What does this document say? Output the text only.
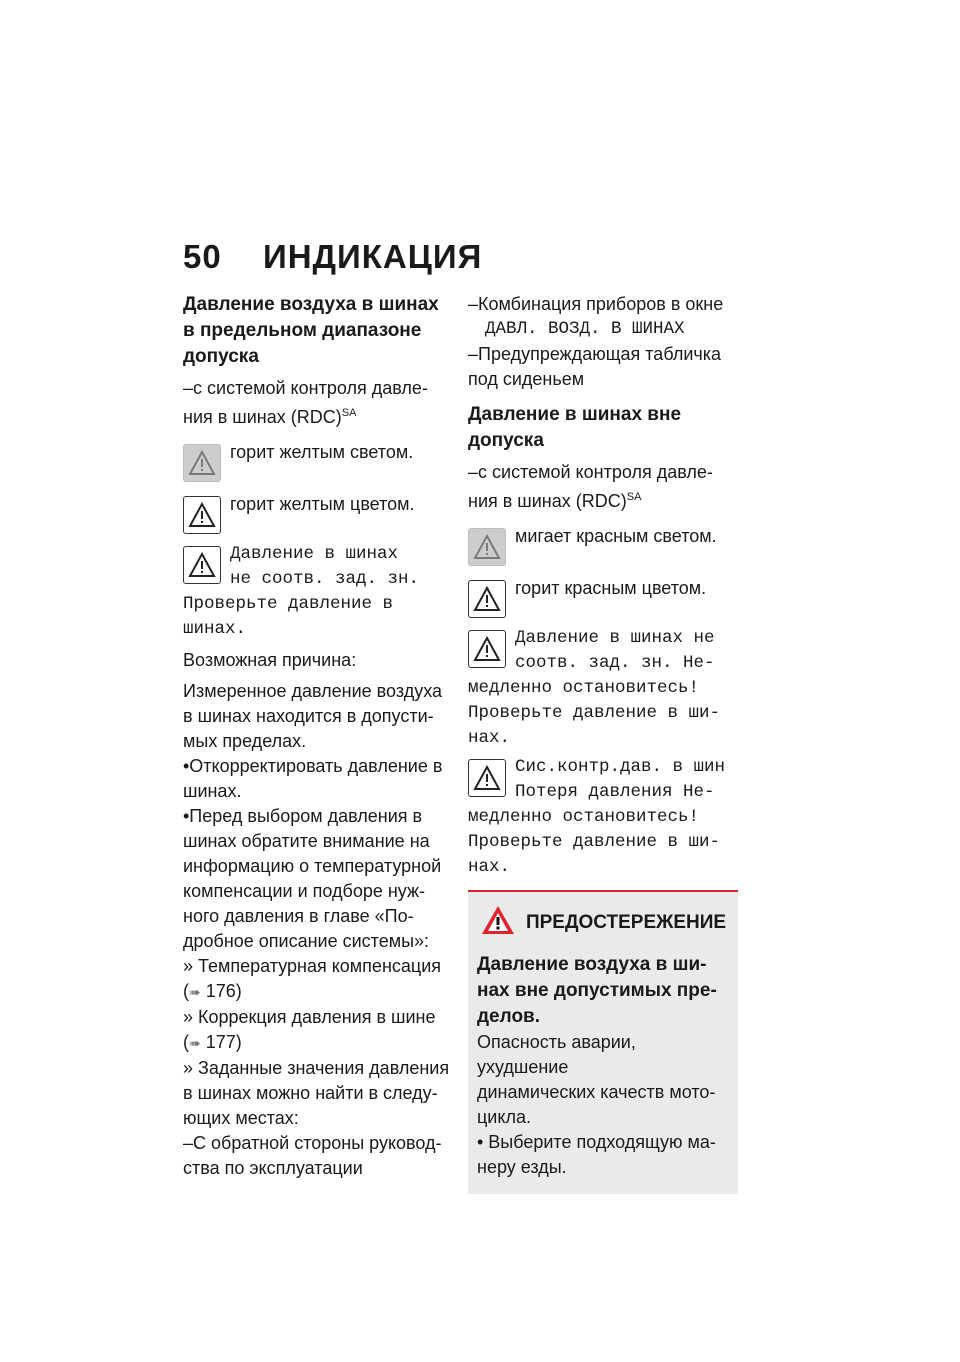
50 ИНДИКАЦИЯ
Давление воздуха в шинах
в предельном диапазоне
допуска
–с системой контроля давле-
ния в шинах (RDC)$^{SA}$
горит желтым светом.
горит желтым цветом.
Давление в шинах
не соотв. зад. зн.
Проверьте давление в
шинах.
Возможная причина:
Измеренное давление воздуха
в шинах находится в допусти-
мых пределах.
•Откорректировать давление в
шинах.
•Перед выбором давления в
шинах обратите внимание на
информацию о температурной
компенсации и подборе нуж-
ного давления в главе «По-
дробное описание системы»:
» Температурная компенсация
(➠ 176)
» Коррекция давления в шине
(➠ 177)
» Заданные значения давления
в шинах можно найти в следу-
ющих местах:
–С обратной стороны руковод-
ства по эксплуатации
–Комбинация приборов в окне
ДАВЛ. ВОЗД. В ШИНАХ
–Предупреждающая табличка
под сиденьем
Давление в шинах вне
допуска
–с системой контроля давле-
ния в шинах (RDC)$^{SA}$
мигает красным светом.
горит красным цветом.
Давление в шинах не
соотв. зад. зн. Не-
медленно остановитесь!
Проверьте давление в ши-
нах.
Сис.контр.дав. в шин
Потеря давления Не-
медленно остановитесь!
Проверьте давление в ши-
нах.
ПРЕДОСТЕРЕЖЕНИЕ
Давление воздуха в ши-
нах вне допустимых пре-
делов.
Опасность аварии, ухудшение
динамических качеств мото-
цикла.
• Выберите подходящую ма-
неру езды.
